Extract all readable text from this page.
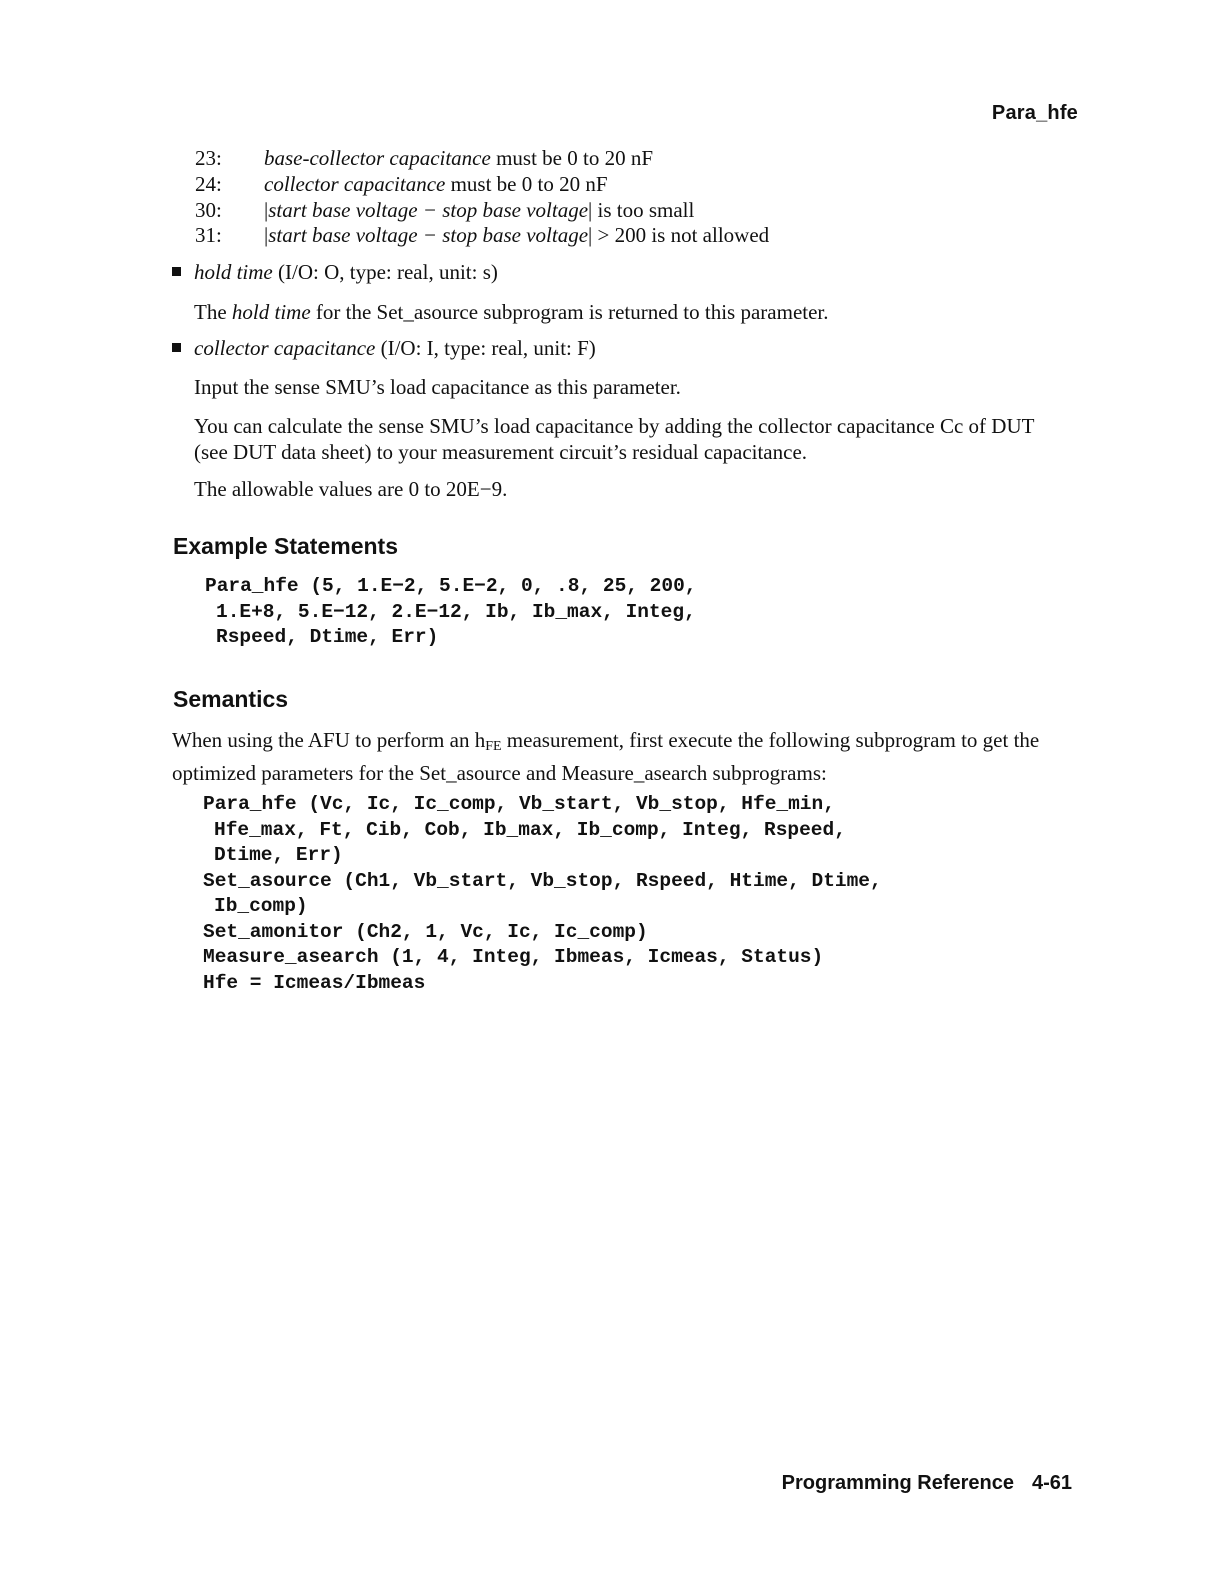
Para_hfe
23:	base-collector capacitance must be 0 to 20 nF
24:	collector capacitance must be 0 to 20 nF
30:	|start base voltage − stop base voltage| is too small
31:	|start base voltage − stop base voltage| > 200 is not allowed
hold time (I/O: O, type: real, unit: s)
The hold time for the Set_asource subprogram is returned to this parameter.
collector capacitance (I/O: I, type: real, unit: F)
Input the sense SMU’s load capacitance as this parameter.
You can calculate the sense SMU’s load capacitance by adding the collector capacitance Cc of DUT (see DUT data sheet) to your measurement circuit’s residual capacitance.
The allowable values are 0 to 20E−9.
Example Statements
Para_hfe (5, 1.E−2, 5.E−2, 0, .8, 25, 200,
1.E+8, 5.E−12, 2.E−12, Ib, Ib_max, Integ,
Rspeed, Dtime, Err)
Semantics
When using the AFU to perform an $h_{FE}$ measurement, first execute the following subprogram to get the optimized parameters for the Set_asource and Measure_asearch subprograms:
Para_hfe (Vc, Ic, Ic_comp, Vb_start, Vb_stop, Hfe_min,
Hfe_max, Ft, Cib, Cob, Ib_max, Ib_comp, Integ, Rspeed,
Dtime, Err)
Set_asource (Ch1, Vb_start, Vb_stop, Rspeed, Htime, Dtime,
Ib_comp)
Set_amonitor (Ch2, 1, Vc, Ic, Ic_comp)
Measure_asearch (1, 4, Integ, Ibmeas, Icmeas, Status)
Hfe = Icmeas/Ibmeas
Programming Reference 4-61
